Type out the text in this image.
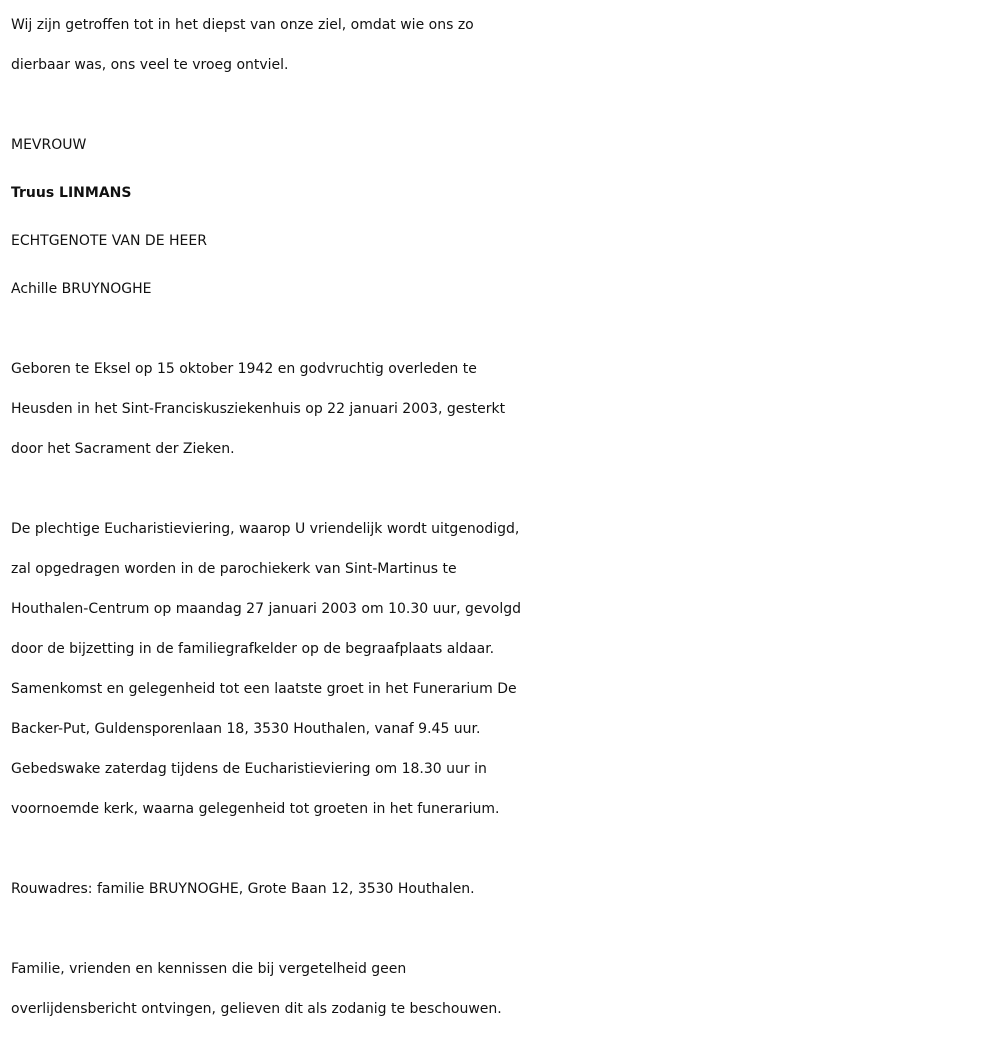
Wij zijn getroffen tot in het diepst van onze ziel, omdat wie ons zo
dierbaar was, ons veel te vroeg ontviel.
MEVROUW
Truus LINMANS
ECHTGENOTE VAN DE HEER
Achille BRUYNOGHE
Geboren te Eksel op 15 oktober 1942 en godvruchtig overleden te
Heusden in het Sint-Franciskusziekenhuis op 22 januari 2003, gesterkt
door het Sacrament der Zieken.
De plechtige Eucharistieviering, waarop U vriendelijk wordt uitgenodigd,
zal opgedragen worden in de parochiekerk van Sint-Martinus te
Houthalen-Centrum op maandag 27 januari 2003 om 10.30 uur, gevolgd
door de bijzetting in de familiegrafkelder op de begraafplaats aldaar.
Samenkomst en gelegenheid tot een laatste groet in het Funerarium De
Backer-Put, Guldensporenlaan 18, 3530 Houthalen, vanaf 9.45 uur.
Gebedswake zaterdag tijdens de Eucharistieviering om 18.30 uur in
voornoemde kerk, waarna gelegenheid tot groeten in het funerarium.
Rouwadres: familie BRUYNOGHE, Grote Baan 12, 3530 Houthalen.
Familie, vrienden en kennissen die bij vergetelheid geen
overlijdensbericht ontvingen, gelieven dit als zodanig te beschouwen.
